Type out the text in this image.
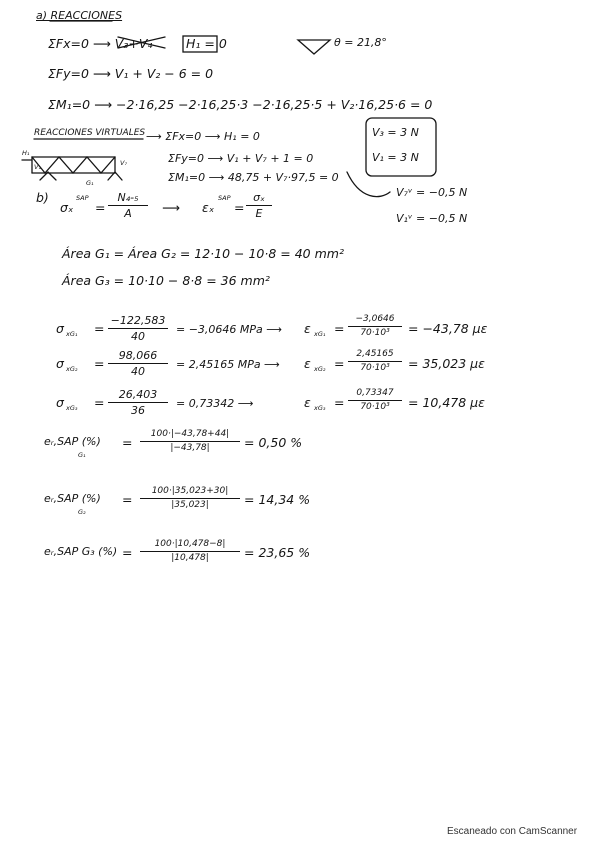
a) REACCIONES
ΣFx=0 ⟶ V₃+V₄	H₁ = 0	θ = 21,8°
ΣFy=0 ⟶ V₁ + V₂ − 6 = 0
ΣM₁=0 ⟶ −2·16,25 −2·16,25·3 −2·16,25·5 + V₂·16,25·6 = 0
REACCIONES VIRTUALES ⟶ ΣFx=0 ⟶ H₁ = 0
ΣFy=0 ⟶ V₁ + V₇ + 1 = 0
ΣM₁=0 ⟶ 48,75 + V₇·97,5 = 0
H₁
V₁	V₇
G₁
V₃ = 3 N
V₁ = 3 N
V₇ᵛ = −0,5 N
V₁ᵛ = −0,5 N
b)
σₓ
SAP
=
N₄-₅
A	⟶ εₓ
SAP
=
σₓ
E
Área G₁ = Área G₂ = 12·10 − 10·8 = 40 mm²
Área G₃ = 10·10 − 8·8 = 36 mm²
σ xG₁ =
−122,583
40
= −3,0646 MPa ⟶ ε xG₁ =
−3,0646
70·10³	= −43,78 με
σ xG₂ =
98,066
40
= 2,45165 MPa ⟶ ε xG₂ =
2,45165
70·10³	= 35,023 με
σ xG₃ =
26,403
36
= 0,73342 ⟶	ε xG₃ =
0,73347
70·10³	= 10,478 με
eᵣ,SAP (%)
G₁
=
100·|−43,78+44|
|−43,78|	= 0,50 %
eᵣ,SAP (%)
G₂
=
100·|35,023+30|
|35,023|	= 14,34 %
eᵣ,SAP G₃ (%) =
100·|10,478−8|
|10,478|	= 23,65 %
Escaneado con CamScanner
